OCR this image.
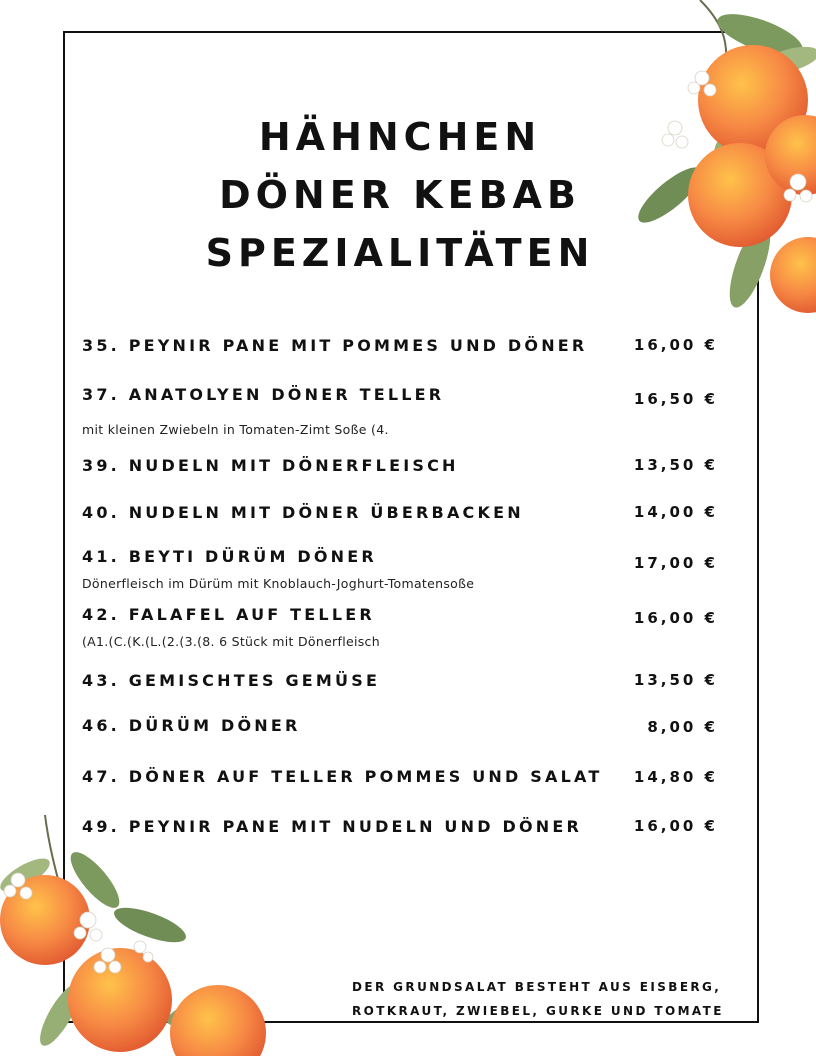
HÄHNCHEN
DÖNER KEBAB
SPEZIALITÄTEN

35. PEYNIR PANE MIT POMMES UND DÖNER	16,00 €

37. ANATOLYEN DÖNER TELLER	16,50 €

mit kleinen Zwiebeln in Tomaten-Zimt Soße (4.

39. NUDELN MIT DÖNERFLEISCH	13,50 €

40. NUDELN MIT DÖNER ÜBERBACKEN	14,00 €

41. BEYTI DÜRÜM DÖNER	17,00 €

Dönerfleisch im Dürüm mit Knoblauch-Joghurt-Tomatensoße

42. FALAFEL AUF TELLER	16,00 €

(A1.(C.(K.(L.(2.(3.(8. 6 Stück mit Dönerfleisch

43. GEMISCHTES GEMÜSE	13,50 €

46. DÜRÜM DÖNER	8,00 €

47. DÖNER AUF TELLER POMMES UND SALAT 14,80 €

49. PEYNIR PANE MIT NUDELN UND DÖNER	16,00 €

DER GRUNDSALAT BESTEHT AUS EISBERG,
ROTKRAUT, ZWIEBEL, GURKE UND TOMATE
